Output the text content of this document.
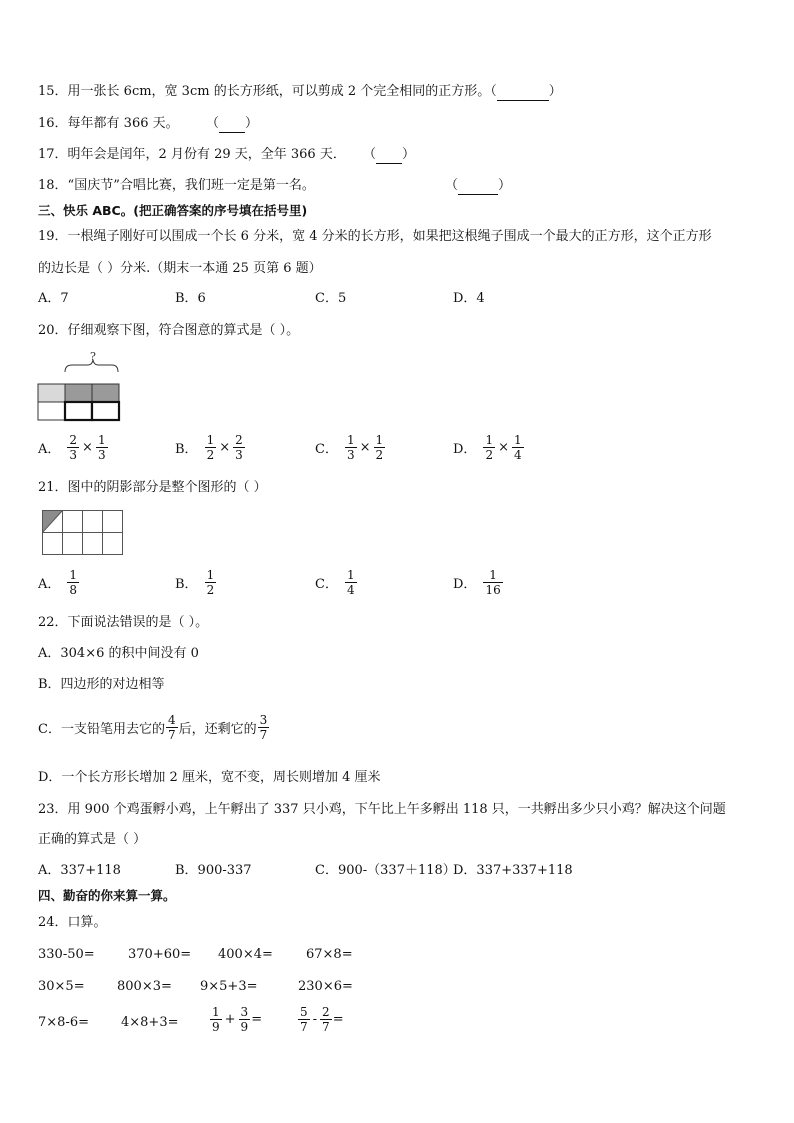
15．用一张长 6cm，宽 3cm 的长方形纸，可以剪成 2 个完全相同的正方形。（	）
16．每年都有 366 天。 （ ）
17．明年会是闰年，2 月份有 29 天，全年 366 天． （ ）
18．“国庆节”合唱比赛，我们班一定是第一名。	（	）
三、快乐 ABC。(把正确答案的序号填在括号里)
19．一根绳子刚好可以围成一个长 6 分米，宽 4 分米的长方形，如果把这根绳子围成一个最大的正方形，这个正方形
的边长是（ ）分米.（期末一本通 25 页第 6 题）
A．7	B．6	C．5	D．4
20．仔细观察下图，符合图意的算式是（ ）。
?
A． $\frac{2}{3} \times \frac{1}{3}$	B． $\frac{1}{2} \times \frac{2}{3}$	C． $\frac{1}{3} \times \frac{1}{2}$	D． $\frac{1}{2} \times \frac{1}{4}$
21．图中的阴影部分是整个图形的（ ）
A． $\frac{1}{8}$	B． $\frac{1}{2}$	C． $\frac{1}{4}$	D． $\frac{1}{16}$
22．下面说法错误的是（ ）。
A．304×6 的积中间没有 0
B．四边形的对边相等
C．一支铅笔用去它的 $\frac{4}{7}$ 后，还剩它的 $\frac{3}{7}$
D．一个长方形长增加 2 厘米，宽不变，周长则增加 4 厘米
23．用 900 个鸡蛋孵小鸡，上午孵出了 337 只小鸡，下午比上午多孵出 118 只，一共孵出多少只小鸡？解决这个问题
正确的算式是（ ）
A．337+118	B．900-337	C．900-（337＋118）
D．337+337+118
四、勤奋的你来算一算。
24．口算。
330-50=	370+60= 400×4=	67×8=
30×5= 800×3= 9×5+3=	230×6=
7×8-6= 4×8+3=	$\frac{1}{9} + \frac{3}{9}$ =	$\frac{5}{7} - \frac{2}{7}$ =
